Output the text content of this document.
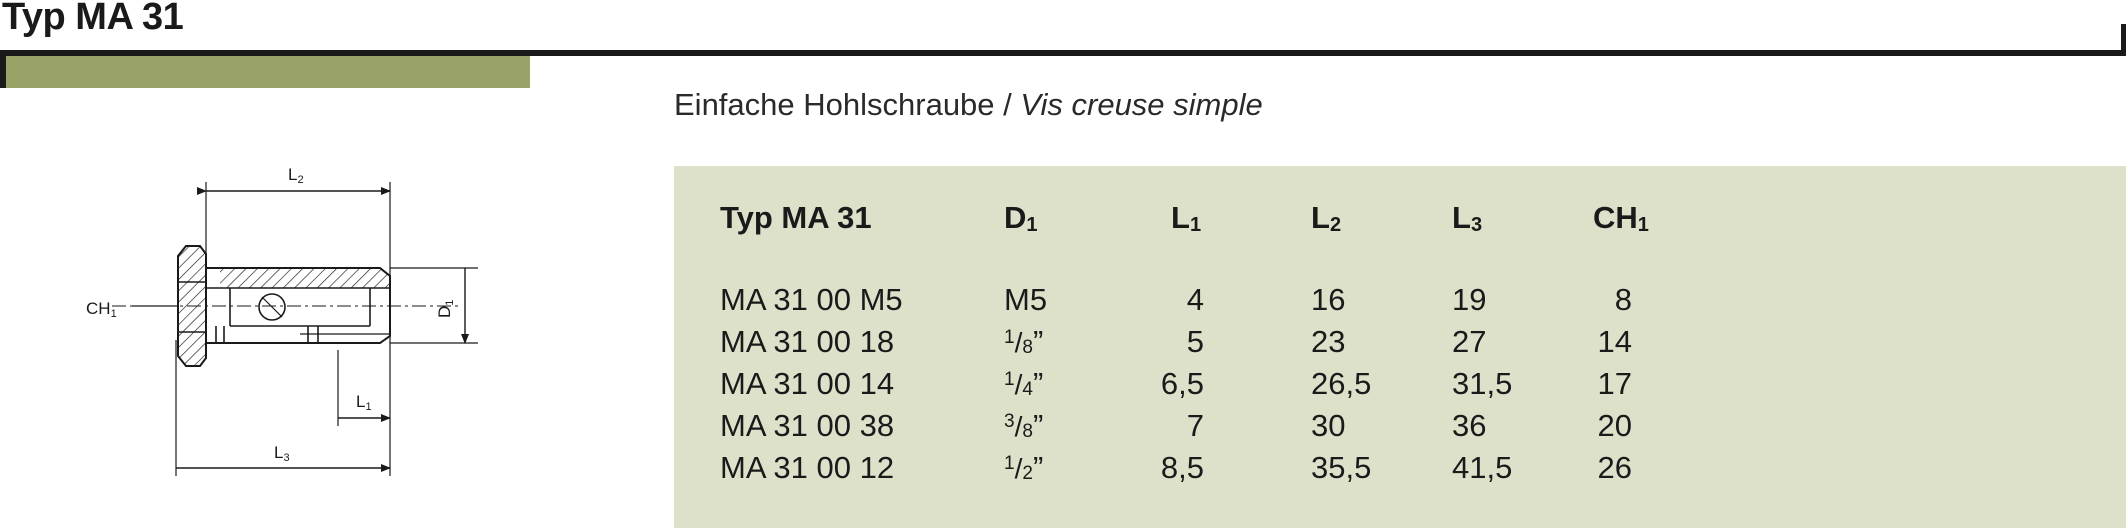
Typ MA 31
Einfache Hohlschraube / Vis creuse simple
L2
L1
L3
CH1	D1
Typ MA 31	$D_1$	$L_1$	$L_2$	$L_3$	$CH_1$
MA 31 00 M5	M5	4	16	19	8
MA 31 00 18	$^1/_8$”	5	23	27	14
MA 31 00 14	$^1/_4$”	6,5	26,5	31,5	17
MA 31 00 38	$^3/_8$”	7	30	36	20
MA 31 00 12	$^1/_2$”	8,5	35,5	41,5	26
